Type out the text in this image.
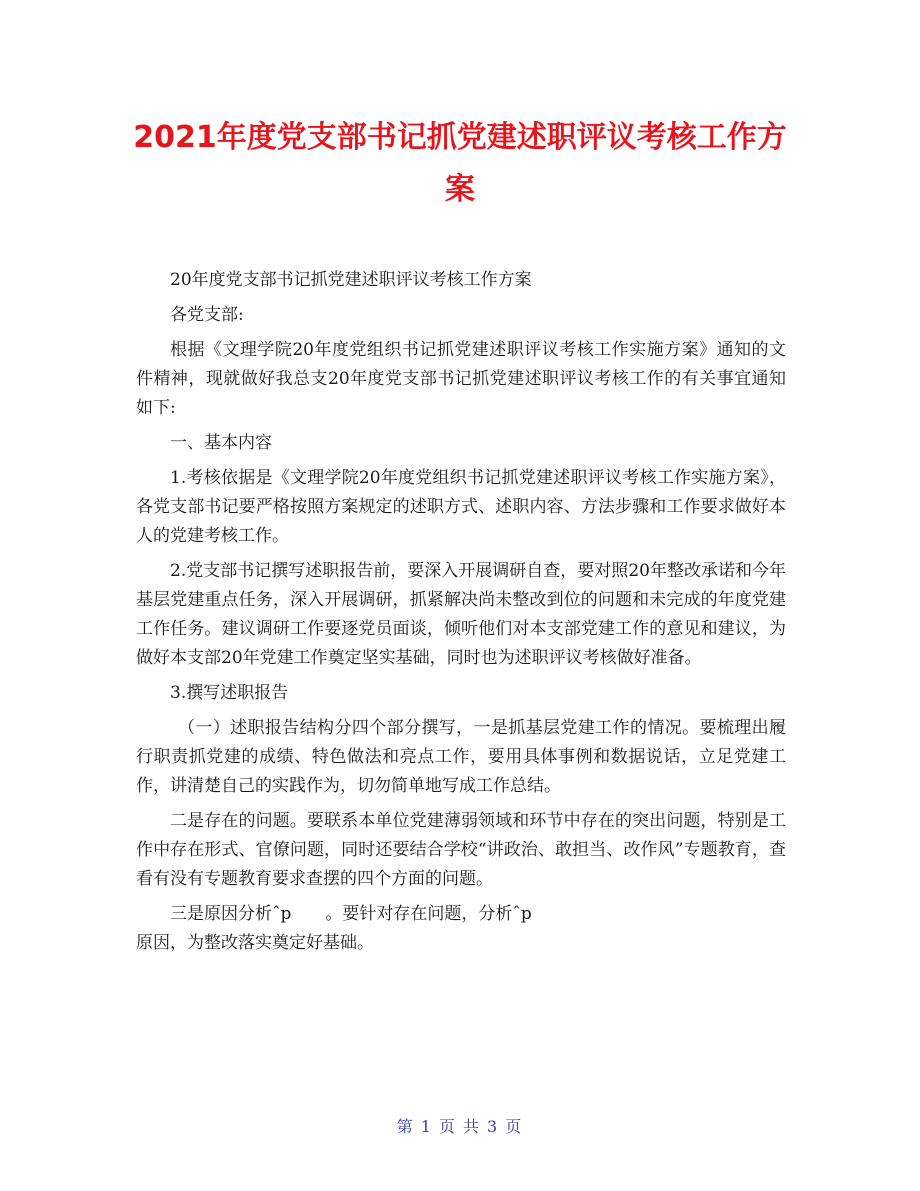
2021年度党支部书记抓党建述职评议考核工作方案

20年度党支部书记抓党建述职评议考核工作方案

各党支部:

根据《文理学院20年度党组织书记抓党建述职评议考核工作实施方案》通知的文件精神，现就做好我总支20年度党支部书记抓党建述职评议考核工作的有关事宜通知如下:

一、基本内容

1.考核依据是《文理学院20年度党组织书记抓党建述职评议考核工作实施方案》，各党支部书记要严格按照方案规定的述职方式、述职内容、方法步骤和工作要求做好本人的党建考核工作。

2.党支部书记撰写述职报告前，要深入开展调研自查，要对照20年整改承诺和今年基层党建重点任务，深入开展调研，抓紧解决尚未整改到位的问题和未完成的年度党建工作任务。建议调研工作要逐党员面谈，倾听他们对本支部党建工作的意见和建议，为做好本支部20年党建工作奠定坚实基础，同时也为述职评议考核做好准备。

3.撰写述职报告

（一）述职报告结构分四个部分撰写，一是抓基层党建工作的情况。要梳理出履行职责抓党建的成绩、特色做法和亮点工作，要用具体事例和数据说话，立足党建工作，讲清楚自己的实践作为，切勿简单地写成工作总结。

二是存在的问题。要联系本单位党建薄弱领域和环节中存在的突出问题，特别是工作中存在形式、官僚问题，同时还要结合学校“讲政治、敢担当、改作风”专题教育，查看有没有专题教育要求查摆的四个方面的问题。

三是原因分析ˆp　　。要针对存在问题，分析ˆp

原因，为整改落实奠定好基础。

第 1 页 共 3 页
